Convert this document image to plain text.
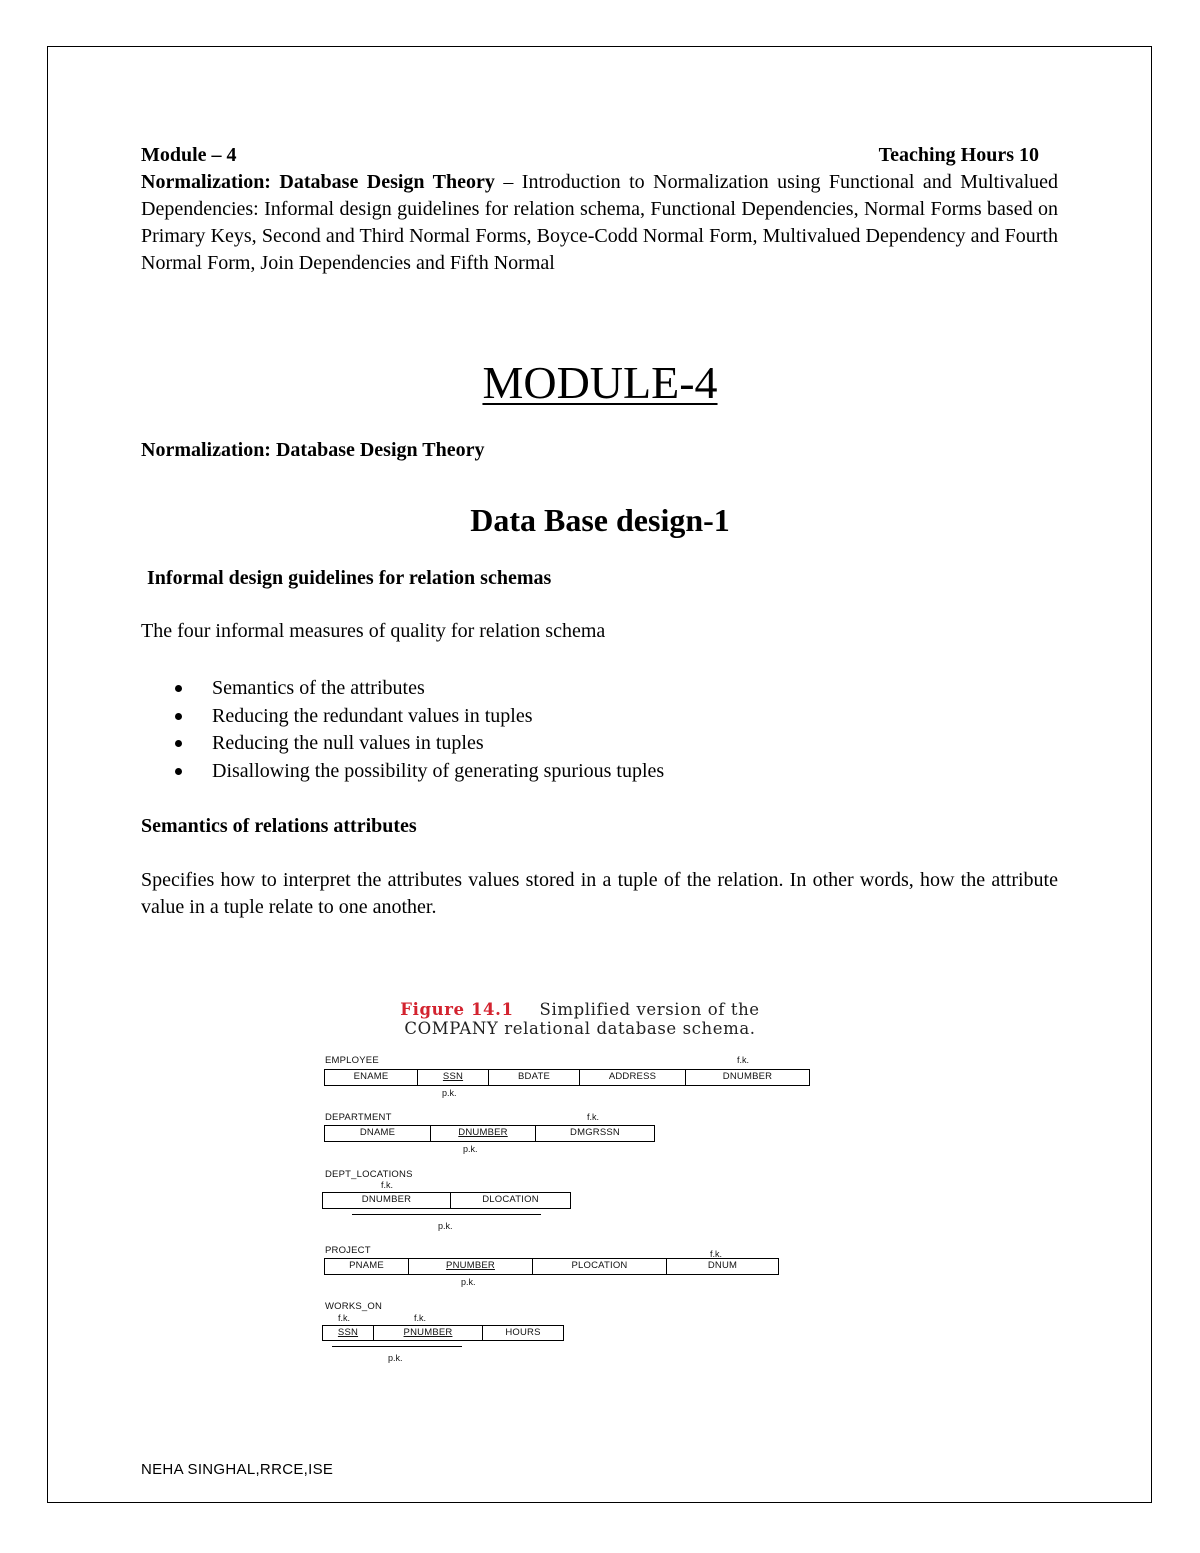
Module – 4	Teaching Hours 10
Normalization: Database Design Theory – Introduction to Normalization using Functional and Multivalued Dependencies: Informal design guidelines for relation schema, Functional Dependencies, Normal Forms based on Primary Keys, Second and Third Normal Forms, Boyce-Codd Normal Form, Multivalued Dependency and Fourth Normal Form, Join Dependencies and Fifth Normal
MODULE-4
Normalization: Database Design Theory
Data Base design-1
Informal design guidelines for relation schemas
The four informal measures of quality for relation schema
Semantics of the attributes
Reducing the redundant values in tuples
Reducing the null values in tuples
Disallowing the possibility of generating spurious tuples
Semantics of relations attributes
Specifies how to interpret the attributes values stored in a tuple of the relation. In other words, how the attribute value in a tuple relate to one another.
Figure 14.1 Simplified version of the
COMPANY relational database schema.
EMPLOYEE	f.k.
ENAME	SSN	BDATE	ADDRESS	DNUMBER
p.k.
DEPARTMENT	f.k.
DNAME	DNUMBER	DMGRSSN
p.k.
DEPT_LOCATIONS
f.k.
DNUMBER	DLOCATION
p.k.
PROJECT	f.k.
PNAME	PNUMBER	PLOCATION	DNUM
p.k.
WORKS_ON
f.k.	f.k.
SSN	PNUMBER	HOURS
p.k.
NEHA SINGHAL,RRCE,ISE
